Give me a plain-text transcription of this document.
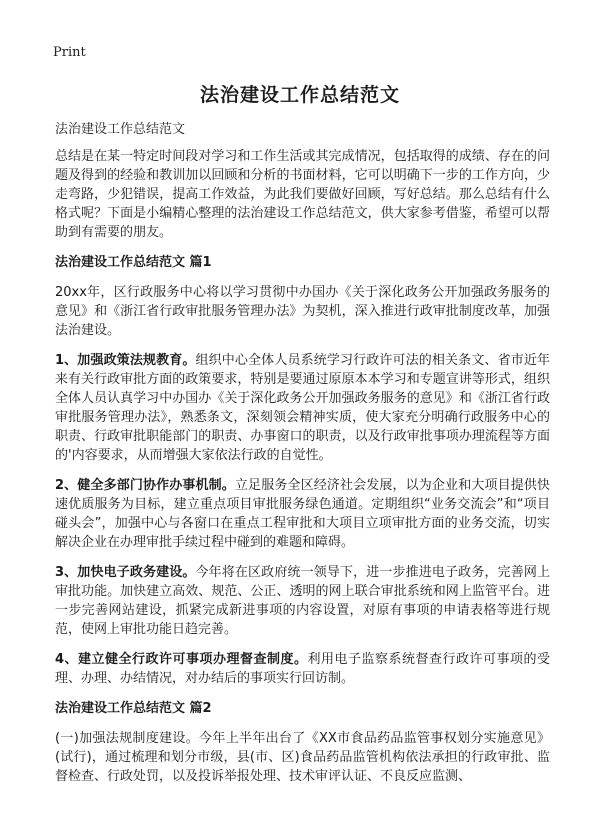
Print
法治建设工作总结范文
法治建设工作总结范文

总结是在某一特定时间段对学习和工作生活或其完成情况，包括取得的成绩、存在的问题及得到的经验和教训加以回顾和分析的书面材料，它可以明确下一步的工作方向，少走弯路，少犯错误，提高工作效益，为此我们要做好回顾，写好总结。那么总结有什么格式呢？下面是小编精心整理的法治建设工作总结范文，供大家参考借鉴，希望可以帮助到有需要的朋友。

法治建设工作总结范文 篇1

20xx年，区行政服务中心将以学习贯彻中办国办《关于深化政务公开加强政务服务的意见》和《浙江省行政审批服务管理办法》为契机，深入推进行政审批制度改革，加强法治建设。

1、加强政策法规教育。组织中心全体人员系统学习行政许可法的相关条文、省市近年来有关行政审批方面的政策要求，特别是要通过原原本本学习和专题宣讲等形式，组织全体人员认真学习中办国办《关于深化政务公开加强政务服务的意见》和《浙江省行政审批服务管理办法》，熟悉条文，深刻领会精神实质，使大家充分明确行政服务中心的职责、行政审批职能部门的职责、办事窗口的职责，以及行政审批事项办理流程等方面的'内容要求，从而增强大家依法行政的自觉性。

2、健全多部门协作办事机制。立足服务全区经济社会发展，以为企业和大项目提供快速优质服务为目标，建立重点项目审批服务绿色通道。定期组织“业务交流会”和“项目碰头会”，加强中心与各窗口在重点工程审批和大项目立项审批方面的业务交流，切实解决企业在办理审批手续过程中碰到的难题和障碍。

3、加快电子政务建设。今年将在区政府统一领导下，进一步推进电子政务，完善网上审批功能。加快建立高效、规范、公正、透明的网上联合审批系统和网上监管平台。进一步完善网站建设，抓紧完成新进事项的内容设置，对原有事项的申请表格等进行规范，使网上审批功能日趋完善。

4、建立健全行政许可事项办理督查制度。利用电子监察系统督查行政许可事项的受理、办理、办结情况，对办结后的事项实行回访制。

法治建设工作总结范文 篇2

(一)加强法规制度建设。今年上半年出台了《XX市食品药品监管事权划分实施意见》(试行)，通过梳理和划分市级，县(市、区)食品药品监管机构依法承担的行政审批、监督检查、行政处罚，以及投诉举报处理、技术审评认证、不良反应监测、
